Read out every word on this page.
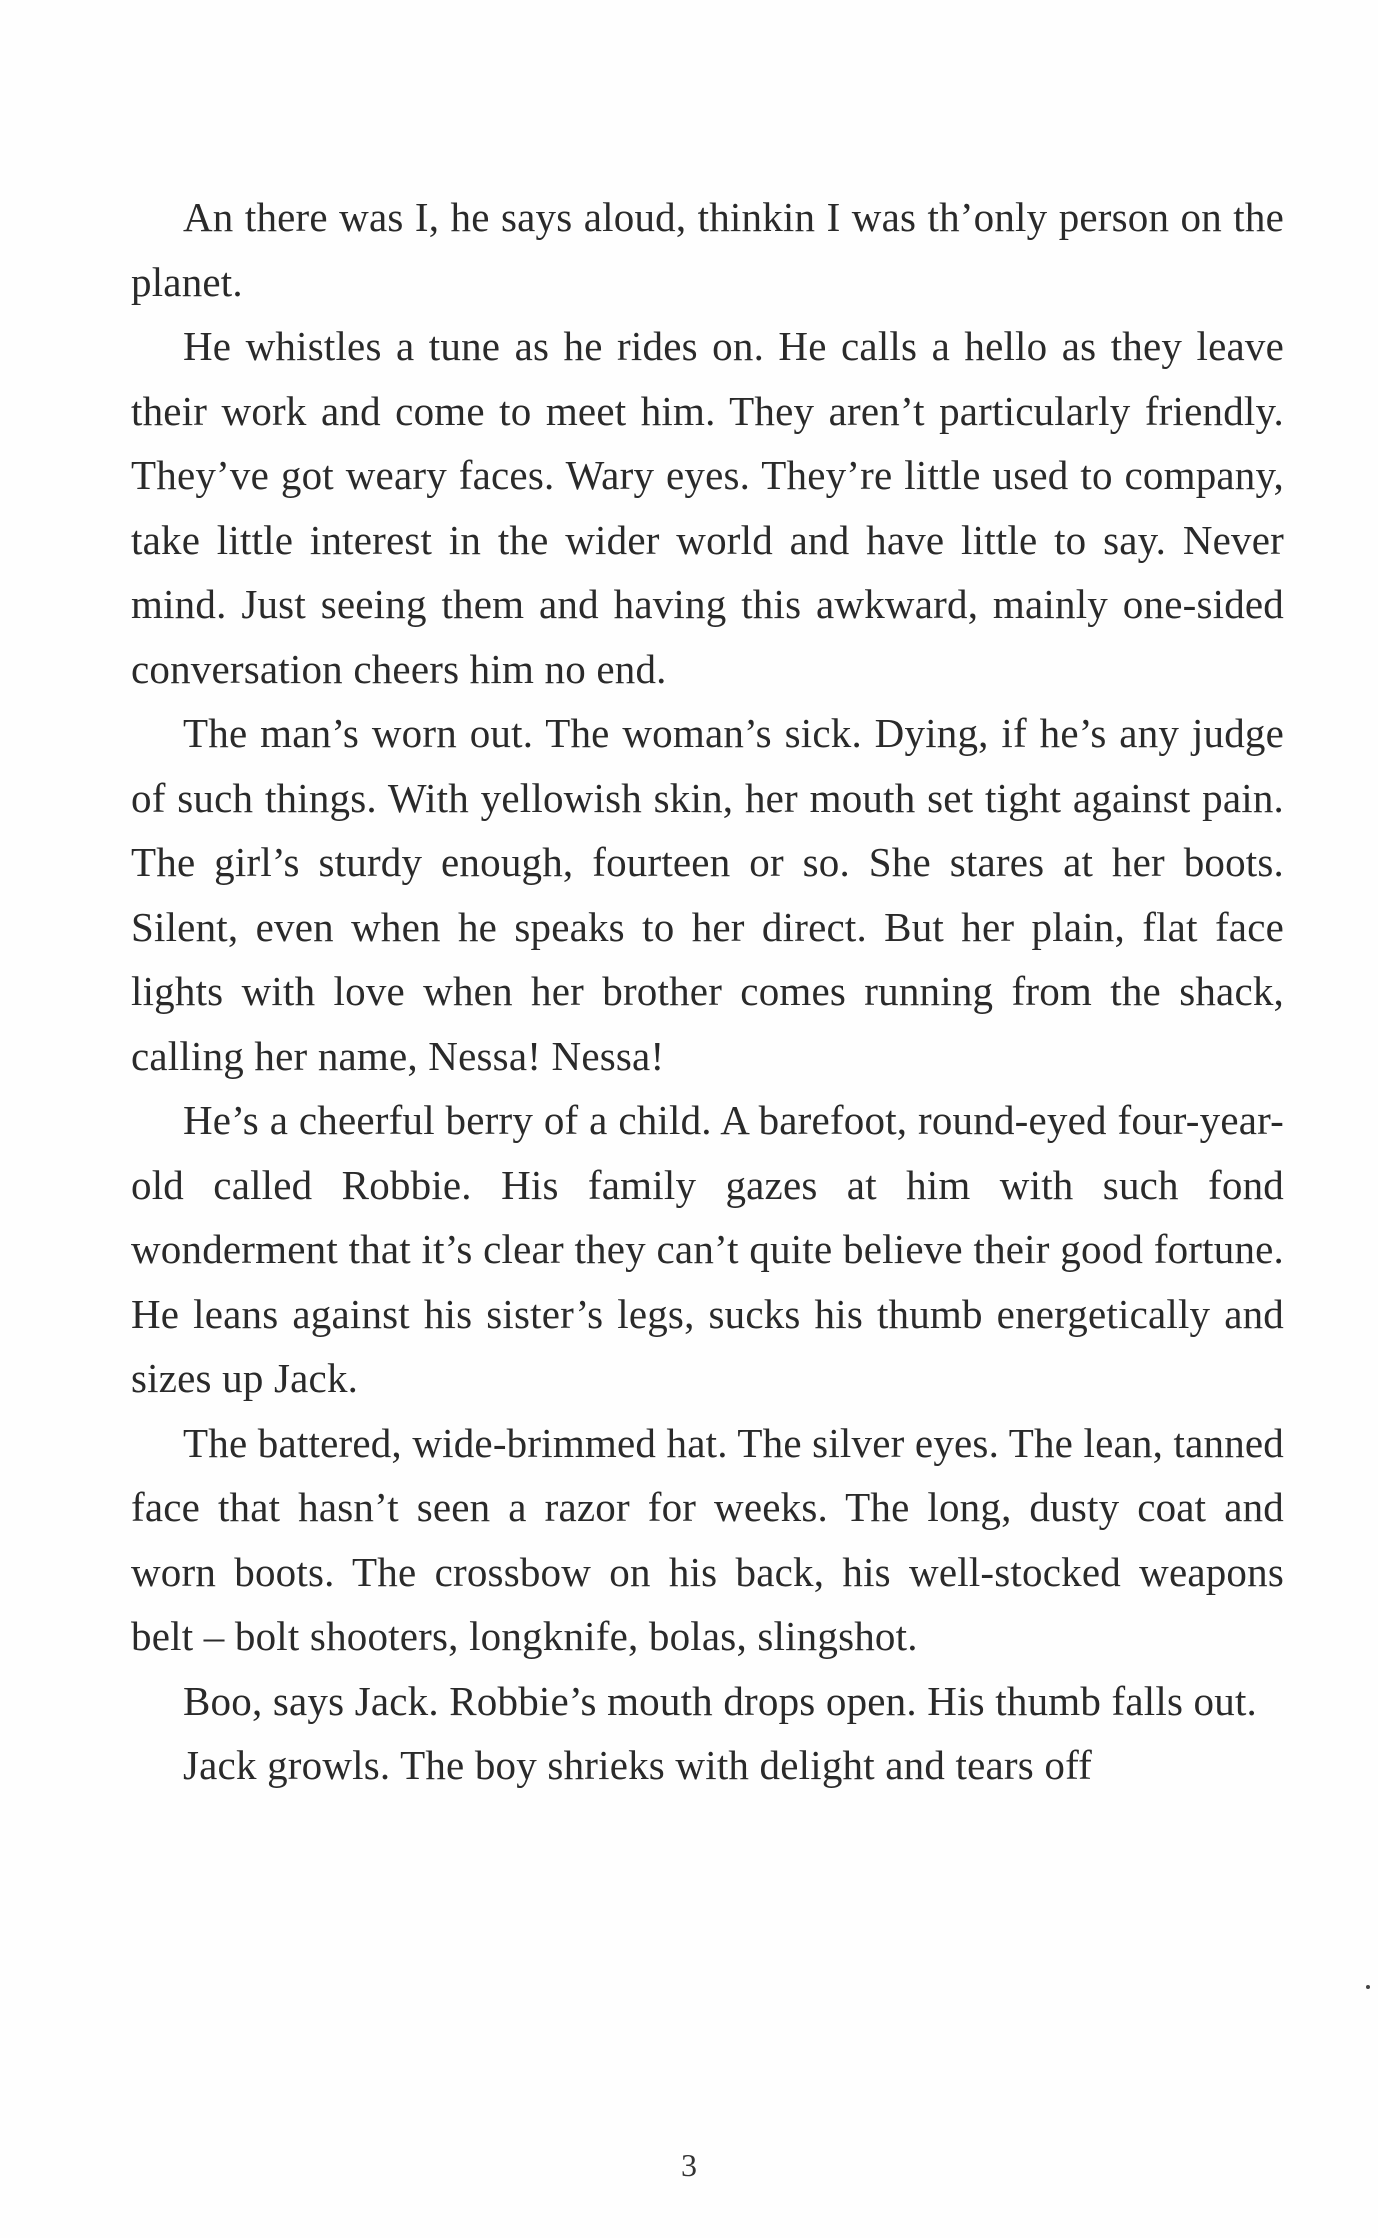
An there was I, he says aloud, thinkin I was th’only person on the planet.

He whistles a tune as he rides on. He calls a hello as they leave their work and come to meet him. They aren’t particularly friendly. They’ve got weary faces. Wary eyes. They’re little used to company, take little interest in the wider world and have little to say. Never mind. Just seeing them and having this awkward, mainly one-sided conversation cheers him no end.

The man’s worn out. The woman’s sick. Dying, if he’s any judge of such things. With yellowish skin, her mouth set tight against pain. The girl’s sturdy enough, fourteen or so. She stares at her boots. Silent, even when he speaks to her direct. But her plain, flat face lights with love when her brother comes running from the shack, calling her name, Nessa! Nessa!

He’s a cheerful berry of a child. A barefoot, round-eyed four-year-old called Robbie. His family gazes at him with such fond wonderment that it’s clear they can’t quite believe their good fortune. He leans against his sister’s legs, sucks his thumb energetically and sizes up Jack.

The battered, wide-brimmed hat. The silver eyes. The lean, tanned face that hasn’t seen a razor for weeks. The long, dusty coat and worn boots. The crossbow on his back, his well-stocked weapons belt – bolt shooters, longknife, bolas, slingshot.

Boo, says Jack. Robbie’s mouth drops open. His thumb falls out.

Jack growls. The boy shrieks with delight and tears off

3
